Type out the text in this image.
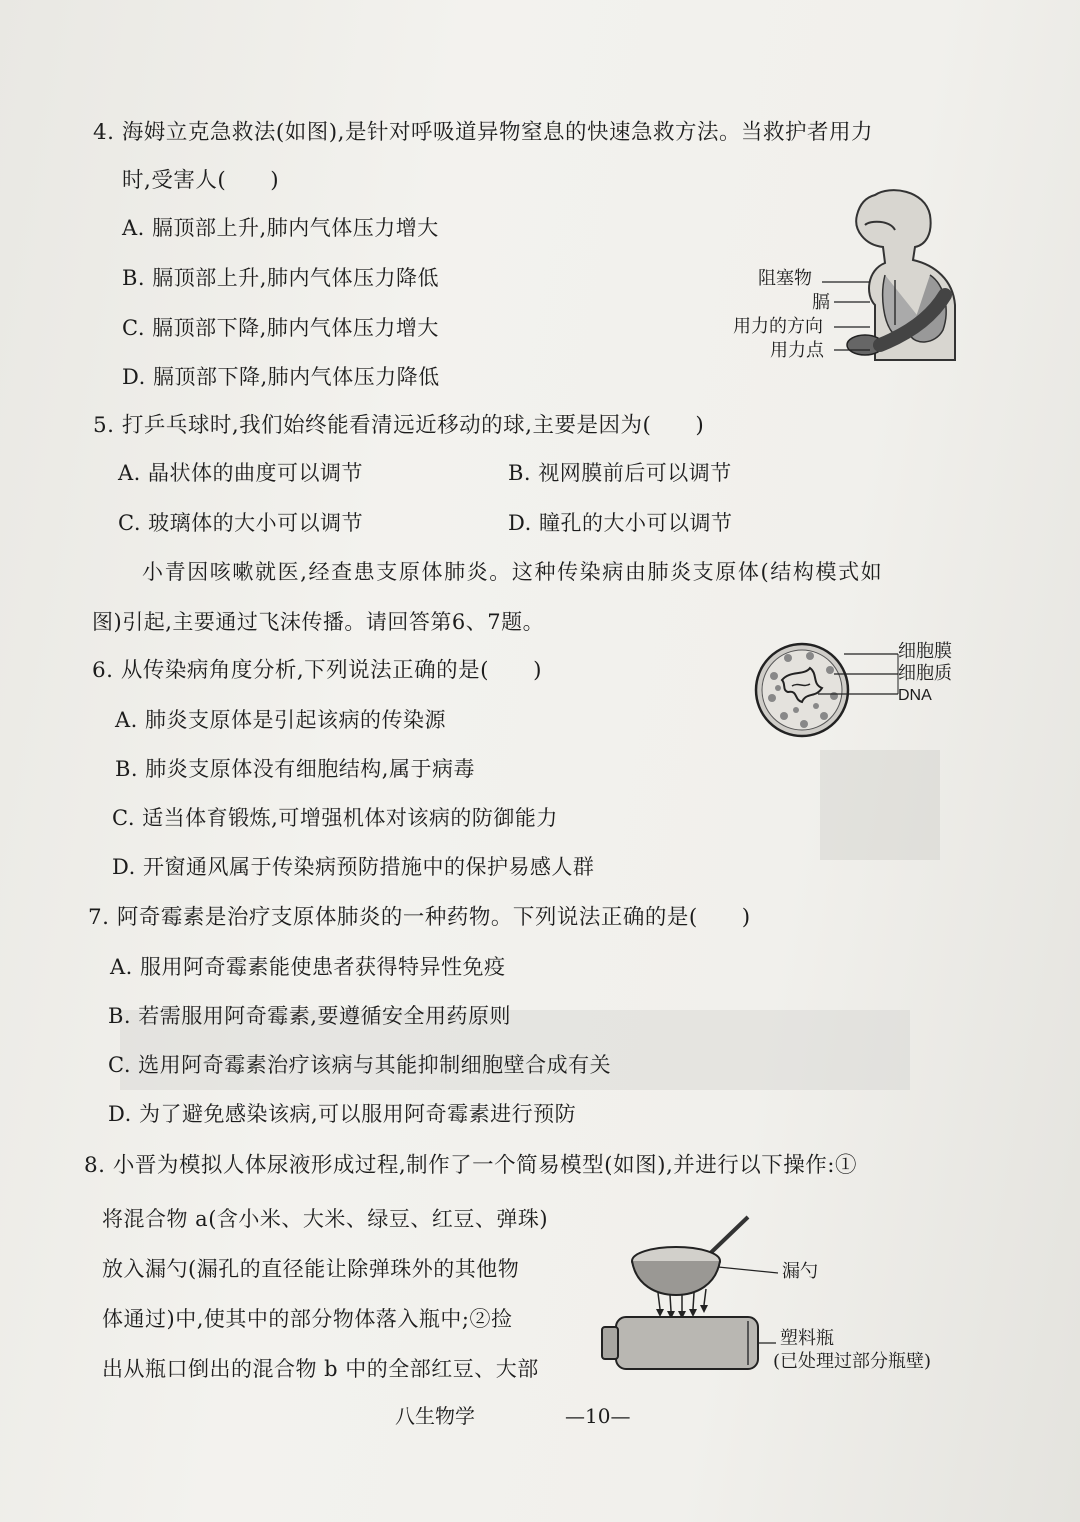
4. 海姆立克急救法(如图),是针对呼吸道异物窒息的快速急救方法。当救护者用力
时,受害人(　　)
A. 膈顶部上升,肺内气体压力增大
B. 膈顶部上升,肺内气体压力降低
C. 膈顶部下降,肺内气体压力增大
D. 膈顶部下降,肺内气体压力降低
阻塞物
膈
用力的方向
用力点
5. 打乒乓球时,我们始终能看清远近移动的球,主要是因为(　　)
A. 晶状体的曲度可以调节	B. 视网膜前后可以调节
C. 玻璃体的大小可以调节	D. 瞳孔的大小可以调节
小青因咳嗽就医,经查患支原体肺炎。这种传染病由肺炎支原体(结构模式如
图)引起,主要通过飞沫传播。请回答第6、7题。
细胞膜
细胞质
DNA
6. 从传染病角度分析,下列说法正确的是(　　)
A. 肺炎支原体是引起该病的传染源
B. 肺炎支原体没有细胞结构,属于病毒
C. 适当体育锻炼,可增强机体对该病的防御能力
D. 开窗通风属于传染病预防措施中的保护易感人群
7. 阿奇霉素是治疗支原体肺炎的一种药物。下列说法正确的是(　　)
A. 服用阿奇霉素能使患者获得特异性免疫
B. 若需服用阿奇霉素,要遵循安全用药原则
C. 选用阿奇霉素治疗该病与其能抑制细胞壁合成有关
D. 为了避免感染该病,可以服用阿奇霉素进行预防
8. 小晋为模拟人体尿液形成过程,制作了一个简易模型(如图),并进行以下操作:①
将混合物 a(含小米、大米、绿豆、红豆、弹珠)
放入漏勺(漏孔的直径能让除弹珠外的其他物
体通过)中,使其中的部分物体落入瓶中;②捡
出从瓶口倒出的混合物 b 中的全部红豆、大部
漏勺
塑料瓶
(已处理过部分瓶壁)
八生物学	—10—
